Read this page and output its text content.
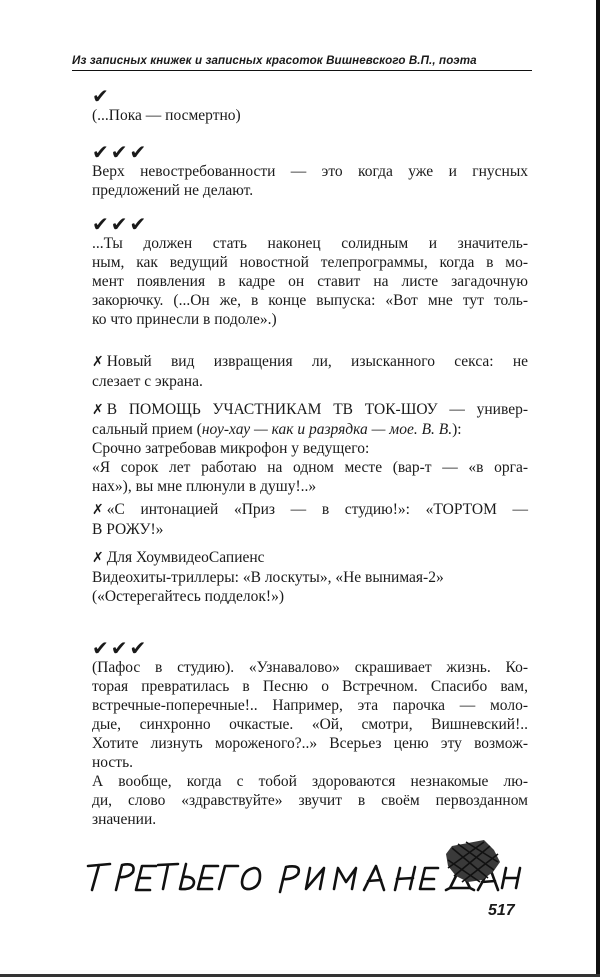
Из записных книжек и записных красоток Вишневского В.П., поэта
✔

(...Пока — посмертно)

✔✔✔

Верх невостребованности — это когда уже и гнусных

предложений не делают.

✔✔✔

...Ты должен стать наконец солидным и значитель-

ным, как ведущий новостной телепрограммы, когда в мо-

мент появления в кадре он ставит на листе загадочную

закорючку. (...Он же, в конце выпуска: «Вот мне тут толь-

ко что принесли в подоле».)

✗ Новый вид извращения ли, изысканного секса: не

слезает с экрана.

✗ В ПОМОЩЬ УЧАСТНИКАМ ТВ ТОК-ШОУ — универ-

сальный прием (ноу-хау — как и разрядка — мое. В. В.):

Срочно затребовав микрофон у ведущего:

«Я сорок лет работаю на одном месте (вар-т — «в орга-

нах»), вы мне плюнули в душу!..»

✗ «С интонацией «Приз — в студию!»: «ТОРТОМ —

В РОЖУ!»

✗ Для ХоумвидеоСапиенс

Видеохиты-триллеры: «В лоскуты», «Не вынимая-2»

(«Остерегайтесь подделок!»)

✔✔✔

(Пафос в студию). «Узнавалово» скрашивает жизнь. Ко-

торая превратилась в Песню о Встречном. Спасибо вам,

встречные-поперечные!.. Например, эта парочка — моло-

дые, синхронно очкастые. «Ой, смотри, Вишневский!..

Хотите лизнуть мороженого?..» Всерьез ценю эту возмож-

ность.

А вообще, когда с тобой здороваются незнакомые лю-

ди, слово «здравствуйте» звучит в своём первозданном

значении.

517
